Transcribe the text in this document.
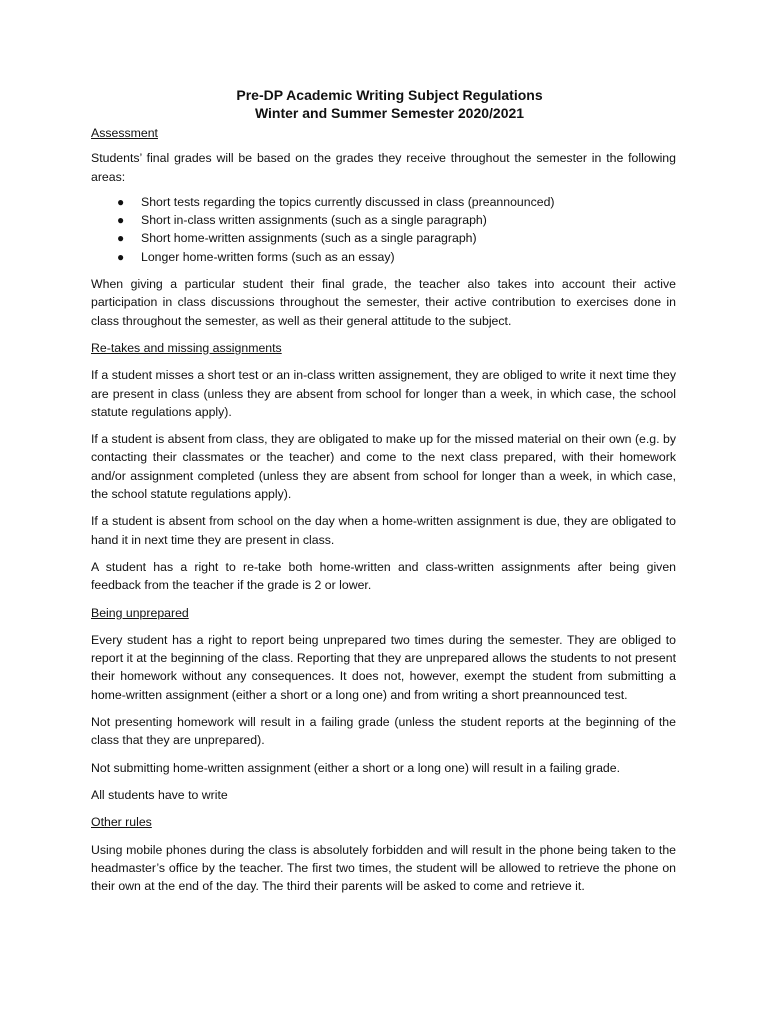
Pre-DP Academic Writing Subject Regulations
Winter and Summer Semester 2020/2021

Assessment

Students’ final grades will be based on the grades they receive throughout the semester in the following areas:

● Short tests regarding the topics currently discussed in class (preannounced)
● Short in-class written assignments (such as a single paragraph)
● Short home-written assignments (such as a single paragraph)
● Longer home-written forms (such as an essay)

When giving a particular student their final grade, the teacher also takes into account their active participation in class discussions throughout the semester, their active contribution to exercises done in class throughout the semester, as well as their general attitude to the subject.

Re-takes and missing assignments

If a student misses a short test or an in-class written assignement, they are obliged to write it next time they are present in class (unless they are absent from school for longer than a week, in which case, the school statute regulations apply).

If a student is absent from class, they are obligated to make up for the missed material on their own (e.g. by contacting their classmates or the teacher) and come to the next class prepared, with their homework and/or assignment completed (unless they are absent from school for longer than a week, in which case, the school statute regulations apply).

If a student is absent from school on the day when a home-written assignment is due, they are obligated to hand it in next time they are present in class.

A student has a right to re-take both home-written and class-written assignments after being given feedback from the teacher if the grade is 2 or lower.

Being unprepared

Every student has a right to report being unprepared two times during the semester. They are obliged to report it at the beginning of the class. Reporting that they are unprepared allows the students to not present their homework without any consequences. It does not, however, exempt the student from submitting a home-written assignment (either a short or a long one) and from writing a short preannounced test.

Not presenting homework will result in a failing grade (unless the student reports at the beginning of the class that they are unprepared).

Not submitting home-written assignment (either a short or a long one) will result in a failing grade.

All students have to write

Other rules

Using mobile phones during the class is absolutely forbidden and will result in the phone being taken to the headmaster’s office by the teacher. The first two times, the student will be allowed to retrieve the phone on their own at the end of the day. The third their parents will be asked to come and retrieve it.
